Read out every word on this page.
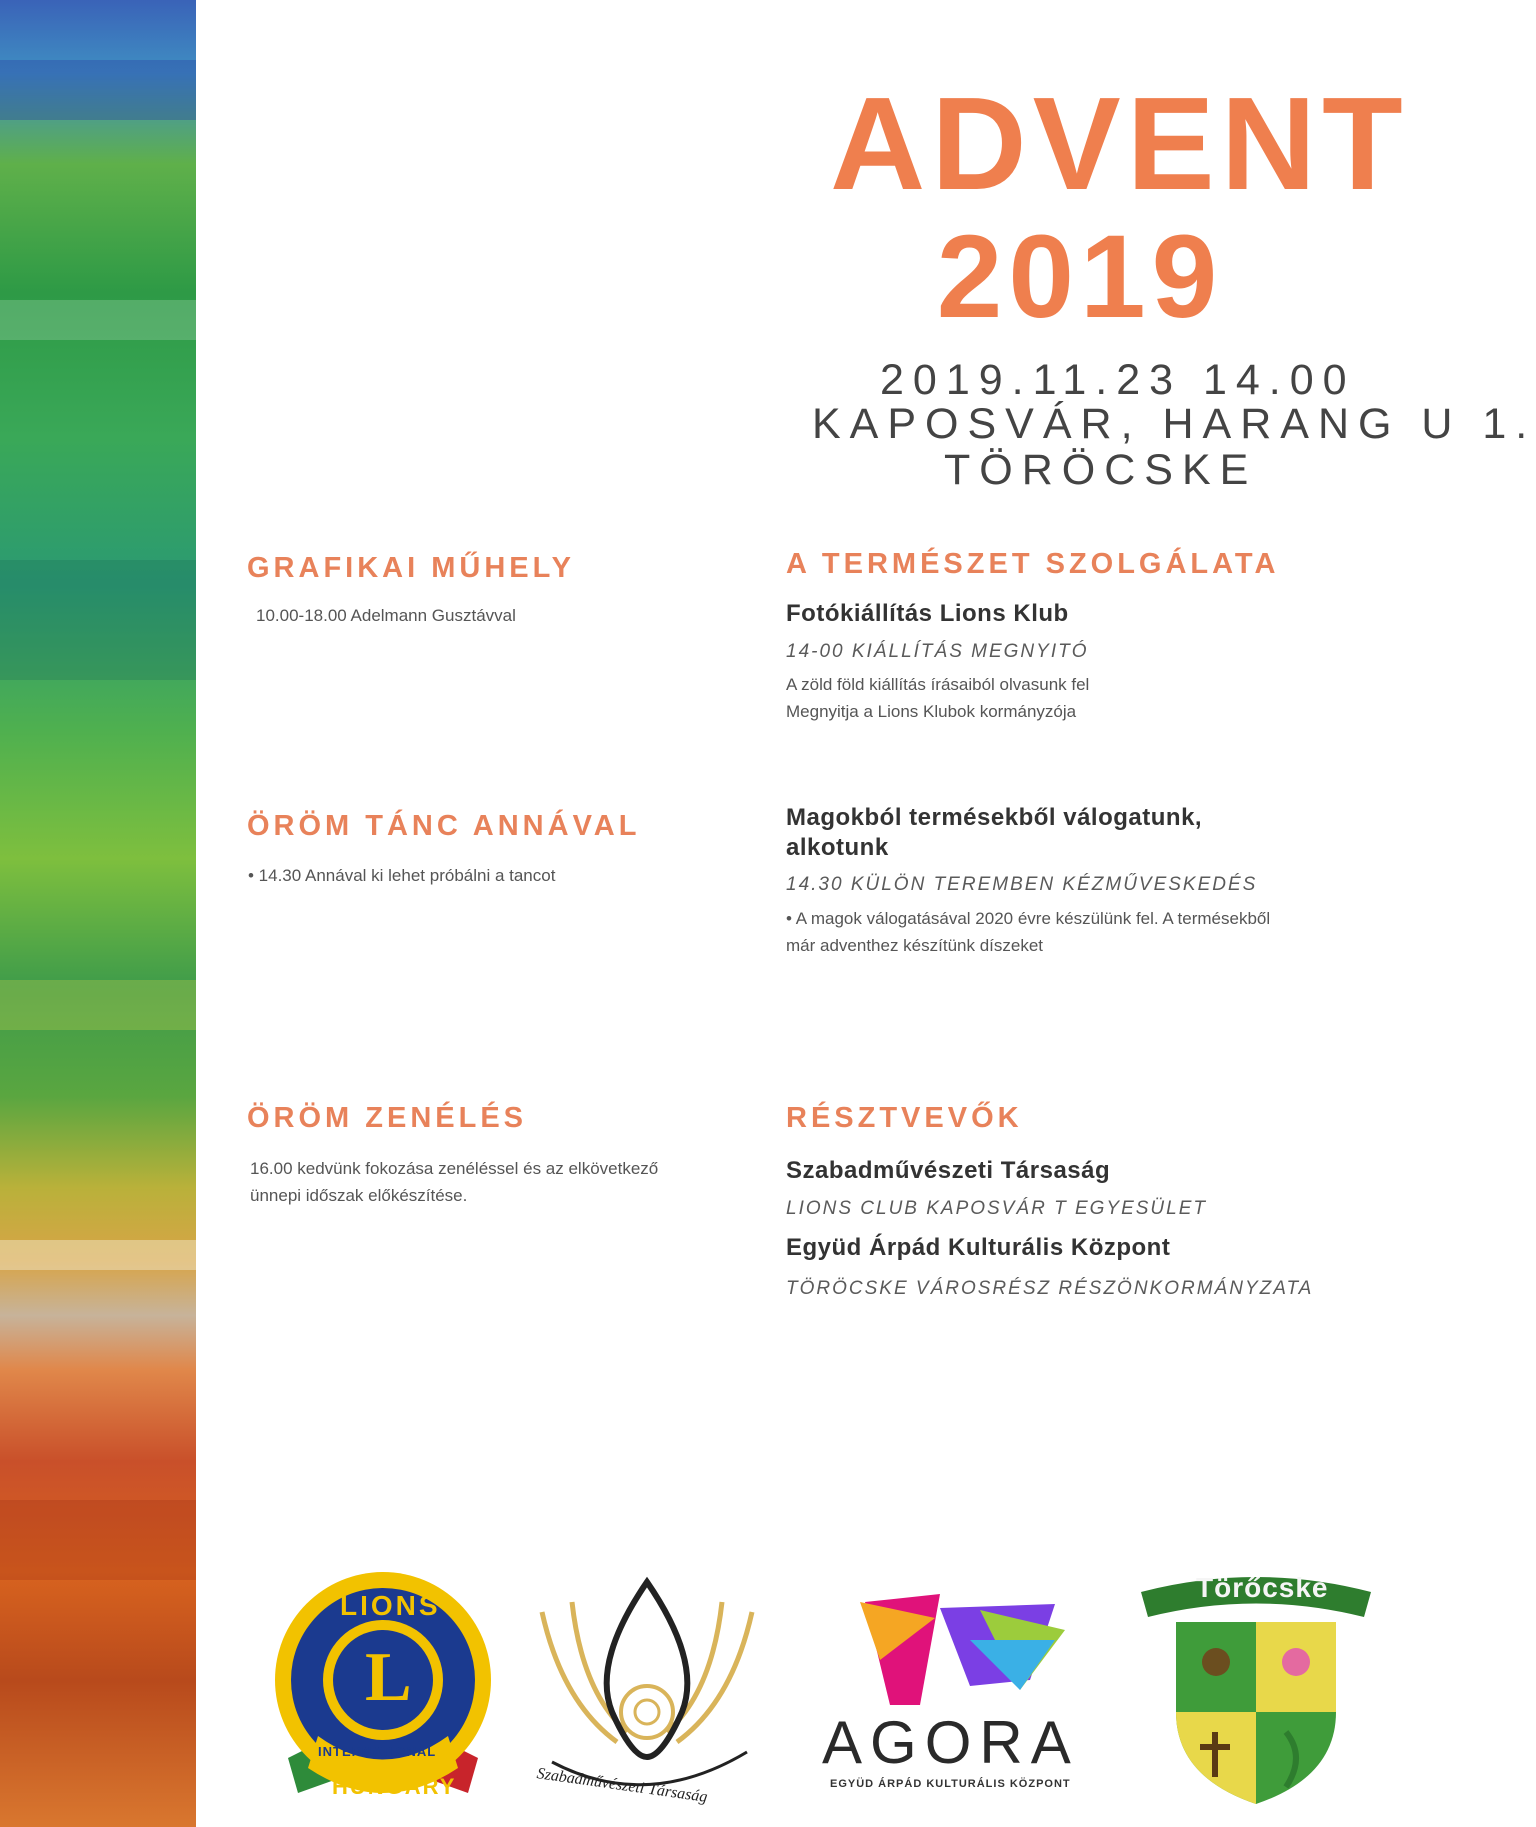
ADVENT
2019
2019.11.23 14.00
KAPOSVÁR, HARANG U 1.
TÖRÖCSKE
GRAFIKAI MŰHELY
10.00-18.00 Adelmann Gusztávval
ÖRÖM TÁNC ANNÁVAL
• 14.30 Annával ki lehet próbálni a tancot
ÖRÖM ZENÉLÉS
16.00 kedvünk fokozása zenéléssel és az elkövetkező
ünnepi időszak előkészítése.
A TERMÉSZET SZOLGÁLATA
Fotókiállítás Lions Klub
14-00 KIÁLLÍTÁS MEGNYITÓ
A zöld föld kiállítás írásaiból olvasunk fel
Megnyitja a Lions Klubok kormányzója
Magokból termésekből válogatunk,
alkotunk
14.30 KÜLÖN TEREMBEN KÉZMŰVESKEDÉS
• A magok válogatásával 2020 évre készülünk fel. A termésekből
már adventhez készítünk díszeket
RÉSZTVEVŐK
Szabadművészeti Társaság
LIONS CLUB KAPOSVÁR T EGYESÜLET
Együd Árpád Kulturális Központ
TÖRÖCSKE VÁROSRÉSZ RÉSZÖNKORMÁNYZATA
LIONS
L
INTERNATIONAL
HUNGARY	Szabadművészeti Társaság
AGORA
EGYÜD ÁRPÁD KULTURÁLIS KÖZPONT
Törőcske
